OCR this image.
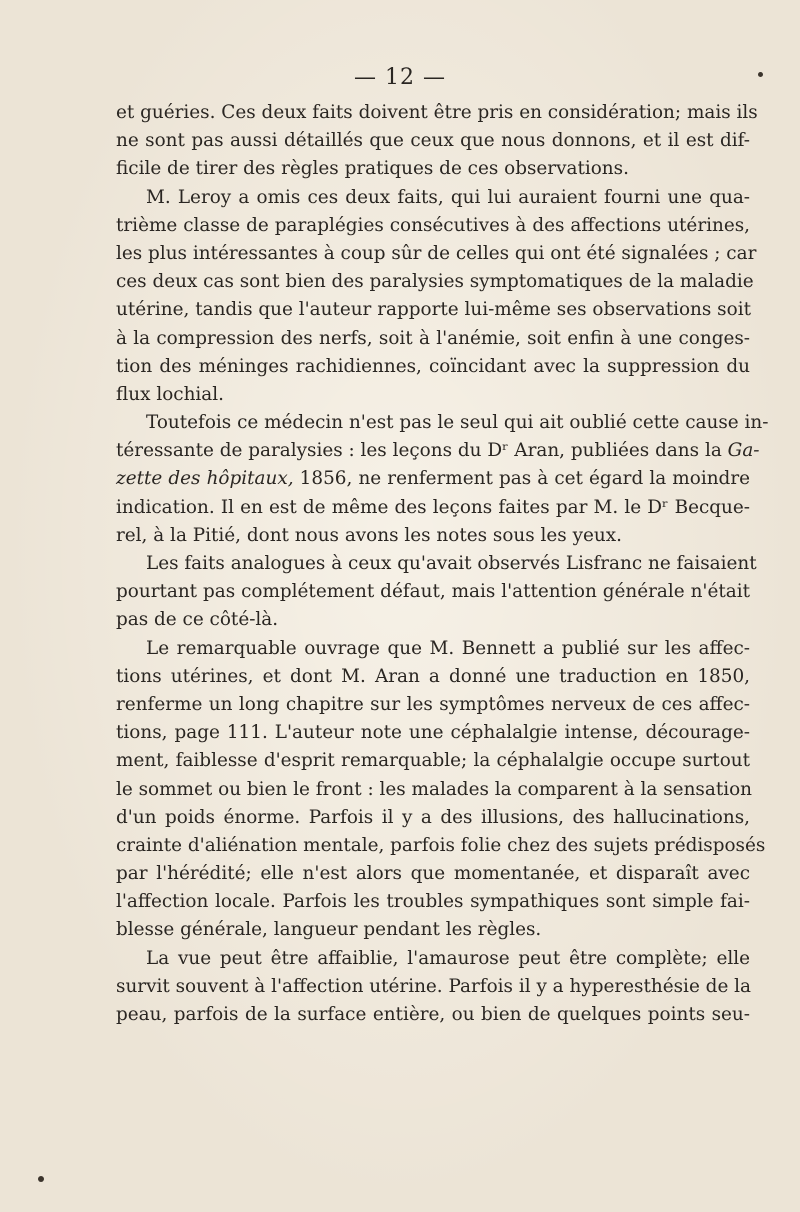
— 12 —
et guéries. Ces deux faits doivent être pris en considération; mais ils
ne sont pas aussi détaillés que ceux que nous donnons, et il est dif-
ficile de tirer des règles pratiques de ces observations.
M. Leroy a omis ces deux faits, qui lui auraient fourni une qua-
trième classe de paraplégies consécutives à des affections utérines,
les plus intéressantes à coup sûr de celles qui ont été signalées ; car
ces deux cas sont bien des paralysies symptomatiques de la maladie
utérine, tandis que l'auteur rapporte lui-même ses observations soit
à la compression des nerfs, soit à l'anémie, soit enfin à une conges-
tion des méninges rachidiennes, coïncidant avec la suppression du
flux lochial.
Toutefois ce médecin n'est pas le seul qui ait oublié cette cause in-
téressante de paralysies : les leçons du Dʳ Aran, publiées dans la Ga-
zette des hôpitaux, 1856, ne renferment pas à cet égard la moindre
indication. Il en est de même des leçons faites par M. le Dʳ Becque-
rel, à la Pitié, dont nous avons les notes sous les yeux.
Les faits analogues à ceux qu'avait observés Lisfranc ne faisaient
pourtant pas complétement défaut, mais l'attention générale n'était
pas de ce côté-là.
Le remarquable ouvrage que M. Bennett a publié sur les affec-
tions utérines, et dont M. Aran a donné une traduction en 1850,
renferme un long chapitre sur les symptômes nerveux de ces affec-
tions, page 111. L'auteur note une céphalalgie intense, découragе-
ment, faiblesse d'esprit remarquable; la céphalalgie occupe surtout
le sommet ou bien le front : les malades la comparent à la sensation
d'un poids énorme. Parfois il y a des illusions, des hallucinations,
crainte d'aliénation mentale, parfois folie chez des sujets prédisposés
par l'hérédité; elle n'est alors que momentanée, et disparaît avec
l'affection locale. Parfois les troubles sympathiques sont simple fai-
blesse générale, langueur pendant les règles.
La vue peut être affaiblie, l'amaurose peut être complète; elle
survit souvent à l'affection utérine. Parfois il y a hyperesthésie de la
peau, parfois de la surface entière, ou bien de quelques points seu-
